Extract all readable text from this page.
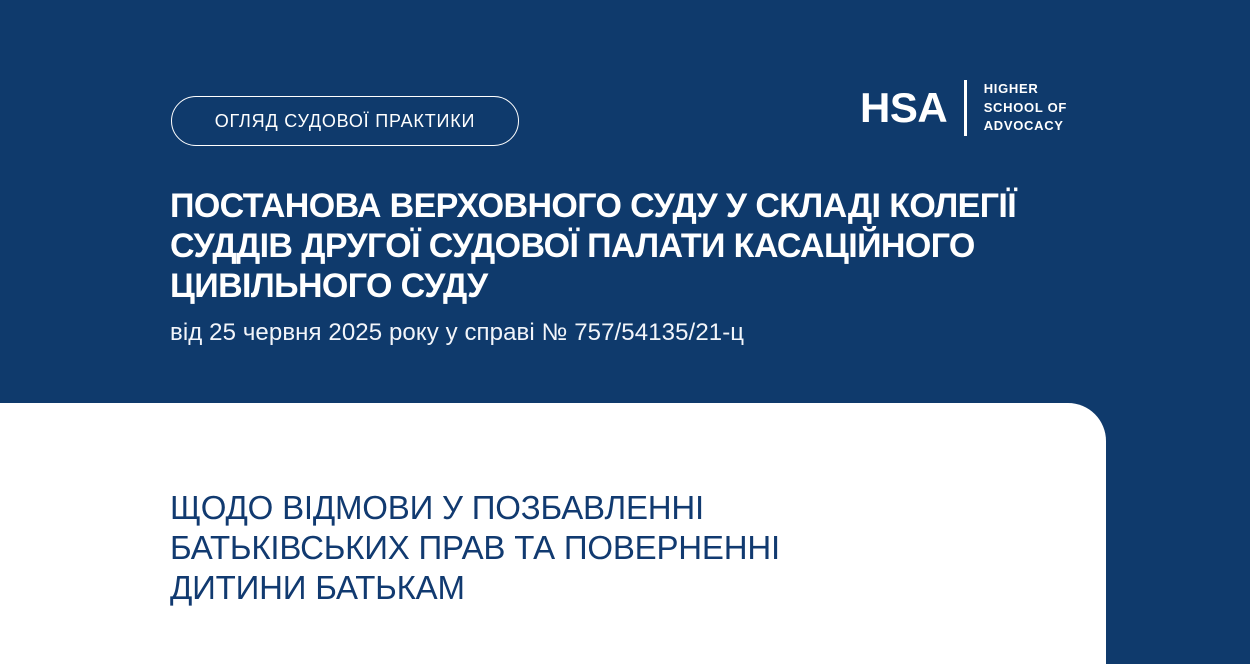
ОГЛЯД СУДОВОЇ ПРАКТИКИ	HSA	HIGHER
SCHOOL OF
ADVOCACY
ПОСТАНОВА ВЕРХОВНОГО СУДУ У СКЛАДІ КОЛЕГІЇ
СУДДІВ ДРУГОЇ СУДОВОЇ ПАЛАТИ КАСАЦІЙНОГО
ЦИВІЛЬНОГО СУДУ
від 25 червня 2025 року у справі № 757/54135/21-ц
ЩОДО ВІДМОВИ У ПОЗБАВЛЕННІ
БАТЬКІВСЬКИХ ПРАВ ТА ПОВЕРНЕННІ
ДИТИНИ БАТЬКАМ
